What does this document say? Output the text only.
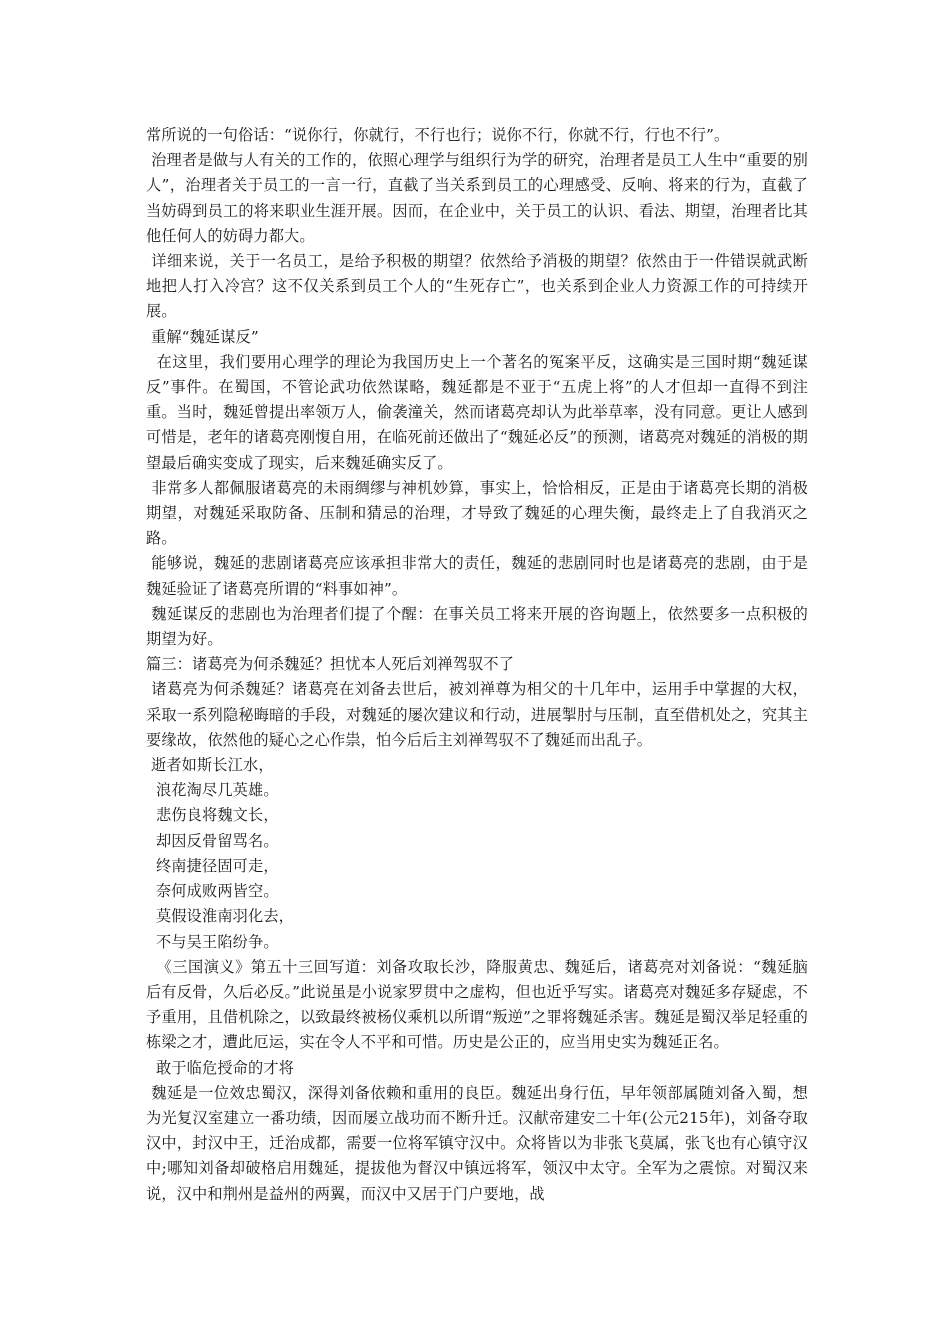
常所说的一句俗话：“说你行，你就行，不行也行；说你不行，你就不行，行也不行”。

治理者是做与人有关的工作的，依照心理学与组织行为学的研究，治理者是员工人生中“重要的别人”，治理者关于员工的一言一行，直截了当关系到员工的心理感受、反响、将来的行为，直截了当妨碍到员工的将来职业生涯开展。因而，在企业中，关于员工的认识、看法、期望，治理者比其他任何人的妨碍力都大。

详细来说，关于一名员工，是给予积极的期望？依然给予消极的期望？依然由于一件错误就武断地把人打入冷宫？这不仅关系到员工个人的“生死存亡”，也关系到企业人力资源工作的可持续开展。

重解“魏延谋反”

在这里，我们要用心理学的理论为我国历史上一个著名的冤案平反，这确实是三国时期“魏延谋反”事件。在蜀国，不管论武功依然谋略，魏延都是不亚于“五虎上将”的人才但却一直得不到注重。当时，魏延曾提出率领万人，偷袭潼关，然而诸葛亮却认为此举草率，没有同意。更让人感到可惜是，老年的诸葛亮刚愎自用，在临死前还做出了“魏延必反”的预测，诸葛亮对魏延的消极的期望最后确实变成了现实，后来魏延确实反了。

非常多人都佩服诸葛亮的未雨绸缪与神机妙算，事实上，恰恰相反，正是由于诸葛亮长期的消极期望，对魏延采取防备、压制和猜忌的治理，才导致了魏延的心理失衡，最终走上了自我消灭之路。

能够说，魏延的悲剧诸葛亮应该承担非常大的责任，魏延的悲剧同时也是诸葛亮的悲剧，由于是魏延验证了诸葛亮所谓的“料事如神”。

魏延谋反的悲剧也为治理者们提了个醒：在事关员工将来开展的咨询题上，依然要多一点积极的期望为好。

篇三：诸葛亮为何杀魏延？担忧本人死后刘禅驾驭不了

诸葛亮为何杀魏延？诸葛亮在刘备去世后，被刘禅尊为相父的十几年中，运用手中掌握的大权，采取一系列隐秘晦暗的手段，对魏延的屡次建议和行动，进展掣肘与压制，直至借机处之，究其主要缘故，依然他的疑心之心作祟，怕今后后主刘禅驾驭不了魏延而出乱子。

逝者如斯长江水，

浪花淘尽几英雄。

悲伤良将魏文长，

却因反骨留骂名。

终南捷径固可走，

奈何成败两皆空。

莫假设淮南羽化去，

不与吴王陷纷争。

《三国演义》第五十三回写道：刘备攻取长沙，降服黄忠、魏延后，诸葛亮对刘备说：“魏延脑后有反骨，久后必反。”此说虽是小说家罗贯中之虚构，但也近乎写实。诸葛亮对魏延多存疑虑，不予重用，且借机除之，以致最终被杨仪乘机以所谓“叛逆”之罪将魏延杀害。魏延是蜀汉举足轻重的栋梁之才，遭此厄运，实在令人不平和可惜。历史是公正的，应当用史实为魏延正名。

敢于临危授命的才将

魏延是一位效忠蜀汉，深得刘备依赖和重用的良臣。魏延出身行伍，早年领部属随刘备入蜀，想为光复汉室建立一番功绩，因而屡立战功而不断升迁。汉献帝建安二十年(公元215年)，刘备夺取汉中，封汉中王，迁治成都，需要一位将军镇守汉中。众将皆以为非张飞莫属，张飞也有心镇守汉中;哪知刘备却破格启用魏延，提拔他为督汉中镇远将军，领汉中太守。全军为之震惊。对蜀汉来说，汉中和荆州是益州的两翼，而汉中又居于门户要地，战
